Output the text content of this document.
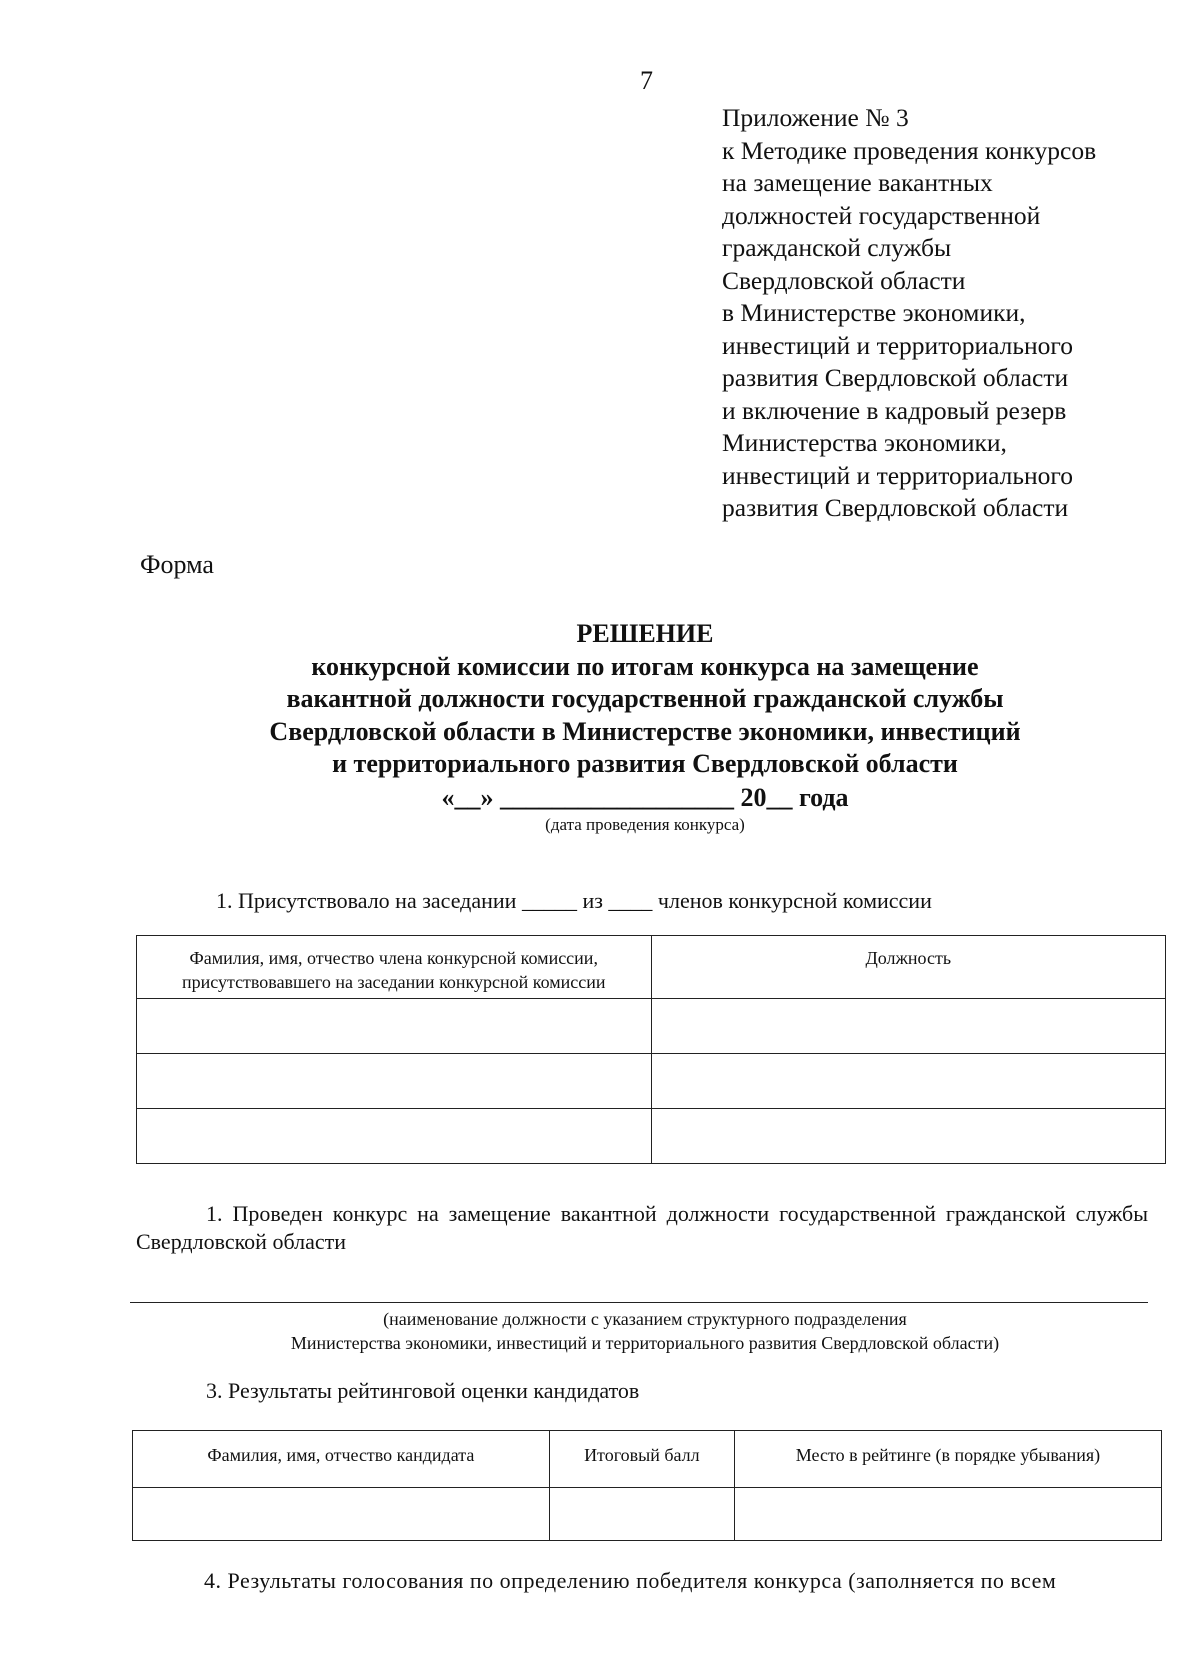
7
Приложение № 3
к Методике проведения конкурсов
на замещение вакантных
должностей государственной
гражданской службы
Свердловской области
в Министерстве экономики,
инвестиций и территориального
развития Свердловской области
и включение в кадровый резерв
Министерства экономики,
инвестиций и территориального
развития Свердловской области
Форма
РЕШЕНИЕ
конкурсной комиссии по итогам конкурса на замещение
вакантной должности государственной гражданской службы
Свердловской области в Министерстве экономики, инвестиций
и территориального развития Свердловской области
«__» __________________ 20__ года
(дата проведения конкурса)
1. Присутствовало на заседании _____ из ____ членов конкурсной комиссии
Фамилия, имя, отчество члена конкурсной комиссии, присутствовавшего на заседании конкурсной комиссии	Должность

1. Проведен конкурс на замещение вакантной должности государственной гражданской службы Свердловской области
(наименование должности с указанием структурного подразделения
Министерства экономики, инвестиций и территориального развития Свердловской области)
3. Результаты рейтинговой оценки кандидатов
Фамилия, имя, отчество кандидата	Итоговый балл	Место в рейтинге (в порядке убывания)

4. Результаты голосования по определению победителя конкурса (заполняется по всем
